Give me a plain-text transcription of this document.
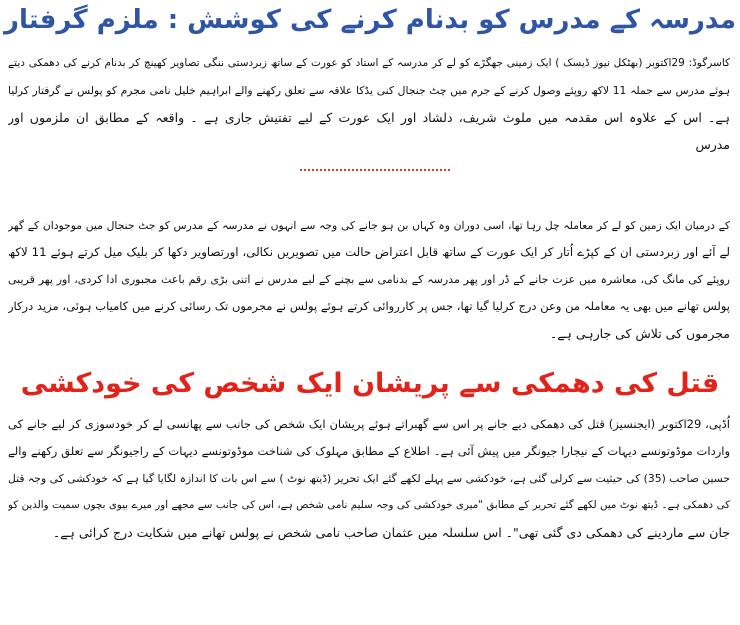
مدرسہ کے مدرس کو بدنام کرنے کی کوشش : ملزم گرفتار
کاسرگوڈ: 29اکتوبر (بھٹکل نیوز ڈیسک ) ایک زمینی جھگڑے کو لے کر مدرسہ کے استاد کو عورت کے ساتھ زبردستی ننگی تصاویر کھینچ کر بدنام کرنے کی دھمکی دیتے
ہوئے مدرس سے جملہ 11 لاکھ روپئے وصول کرنے کے جرم میں چٹ جنجال کنی یڈکا علاقہ سے تعلق رکھنے والے ابراہیم خلیل نامی مجرم کو پولس نے گرفتار کرلیا
ہے۔ اس کے علاوہ اس مقدمہ میں ملوث شریف، دلشاد اور ایک عورت کے لیے تفتیش جاری ہے ۔ واقعہ کے مطابق ان ملزموں اور
مدرس
کے درمیان ایک زمین کو لے کر معاملہ چل رہا تھا، اسی دوران وہ کہاں بن ہو جانے کی وجہ سے انہوں نے مدرسہ کے مدرس کو جٹ جنجال میں موجودان کے گھر
لے آئے اور زبردستی ان کے کپڑے اُتار کر ایک عورت کے ساتھ قابل اعتراض حالت میں تصویریں نکالی، اورتصاویر دکھا کر بلیک میل کرتے ہوئے 11 لاکھ
روپئے کی مانگ کی، معاشرہ میں عزت جانے کے ڈر اور پھر مدرسہ کے بدنامی سے بچنے کے لیے مدرس نے اتنی بڑی رقم باعث مجبوری ادا کردی، اور پھر قریبی
پولس تھانے میں بھی یہ معاملہ من وعن درج کرلیا گیا تھا، جس پر کارروائی کرتے ہوئے پولس نے مجرموں تک رسائی کرنے میں کامیاب ہوئی، مزید درکار
مجرموں کی تلاش کی جارہی ہے۔
قتل کی دھمکی سے پریشان ایک شخص کی خودکشی
اُڈپی، 29اکتوبر (ایجنسیز) قتل کی دھمکی دیے جانے پر اس سے گھبراتے ہوئے پریشان ایک شخص کی جانب سے پھانسی لے کر خودسوزی کر لیے جانے کی
واردات موڈوتونسے دیہات کے نیجارا جیونگر میں پیش آئی ہے۔ اطلاع کے مطابق مہلوک کی شناخت موڈوتونسے دیہات کے راجیونگر سے تعلق رکھنے والے
حسین صاحب (35) کی حیثیت سے کرلی گئی ہے، خودکشی سے پہلے لکھے گئے ایک تحریر (ڈیتھ نوٹ ) سے اس بات کا اندازہ لگایا گیا ہے کہ خودکشی کی وجہ قتل
کی دھمکی ہے۔ ڈیتھ نوٹ میں لکھے گئے تحریر کے مطابق "میری خودکشی کی وجہ سلیم نامی شخص ہے، اس کی جانب سے مجھے اور میرے بیوی بچوں سمیت والدین کو
جان سے ماردینے کی دھمکی دی گئی تھی"۔ اس سلسلہ میں عثمان صاحب نامی شخص نے پولس تھانے میں شکایت درج کرائی ہے۔
